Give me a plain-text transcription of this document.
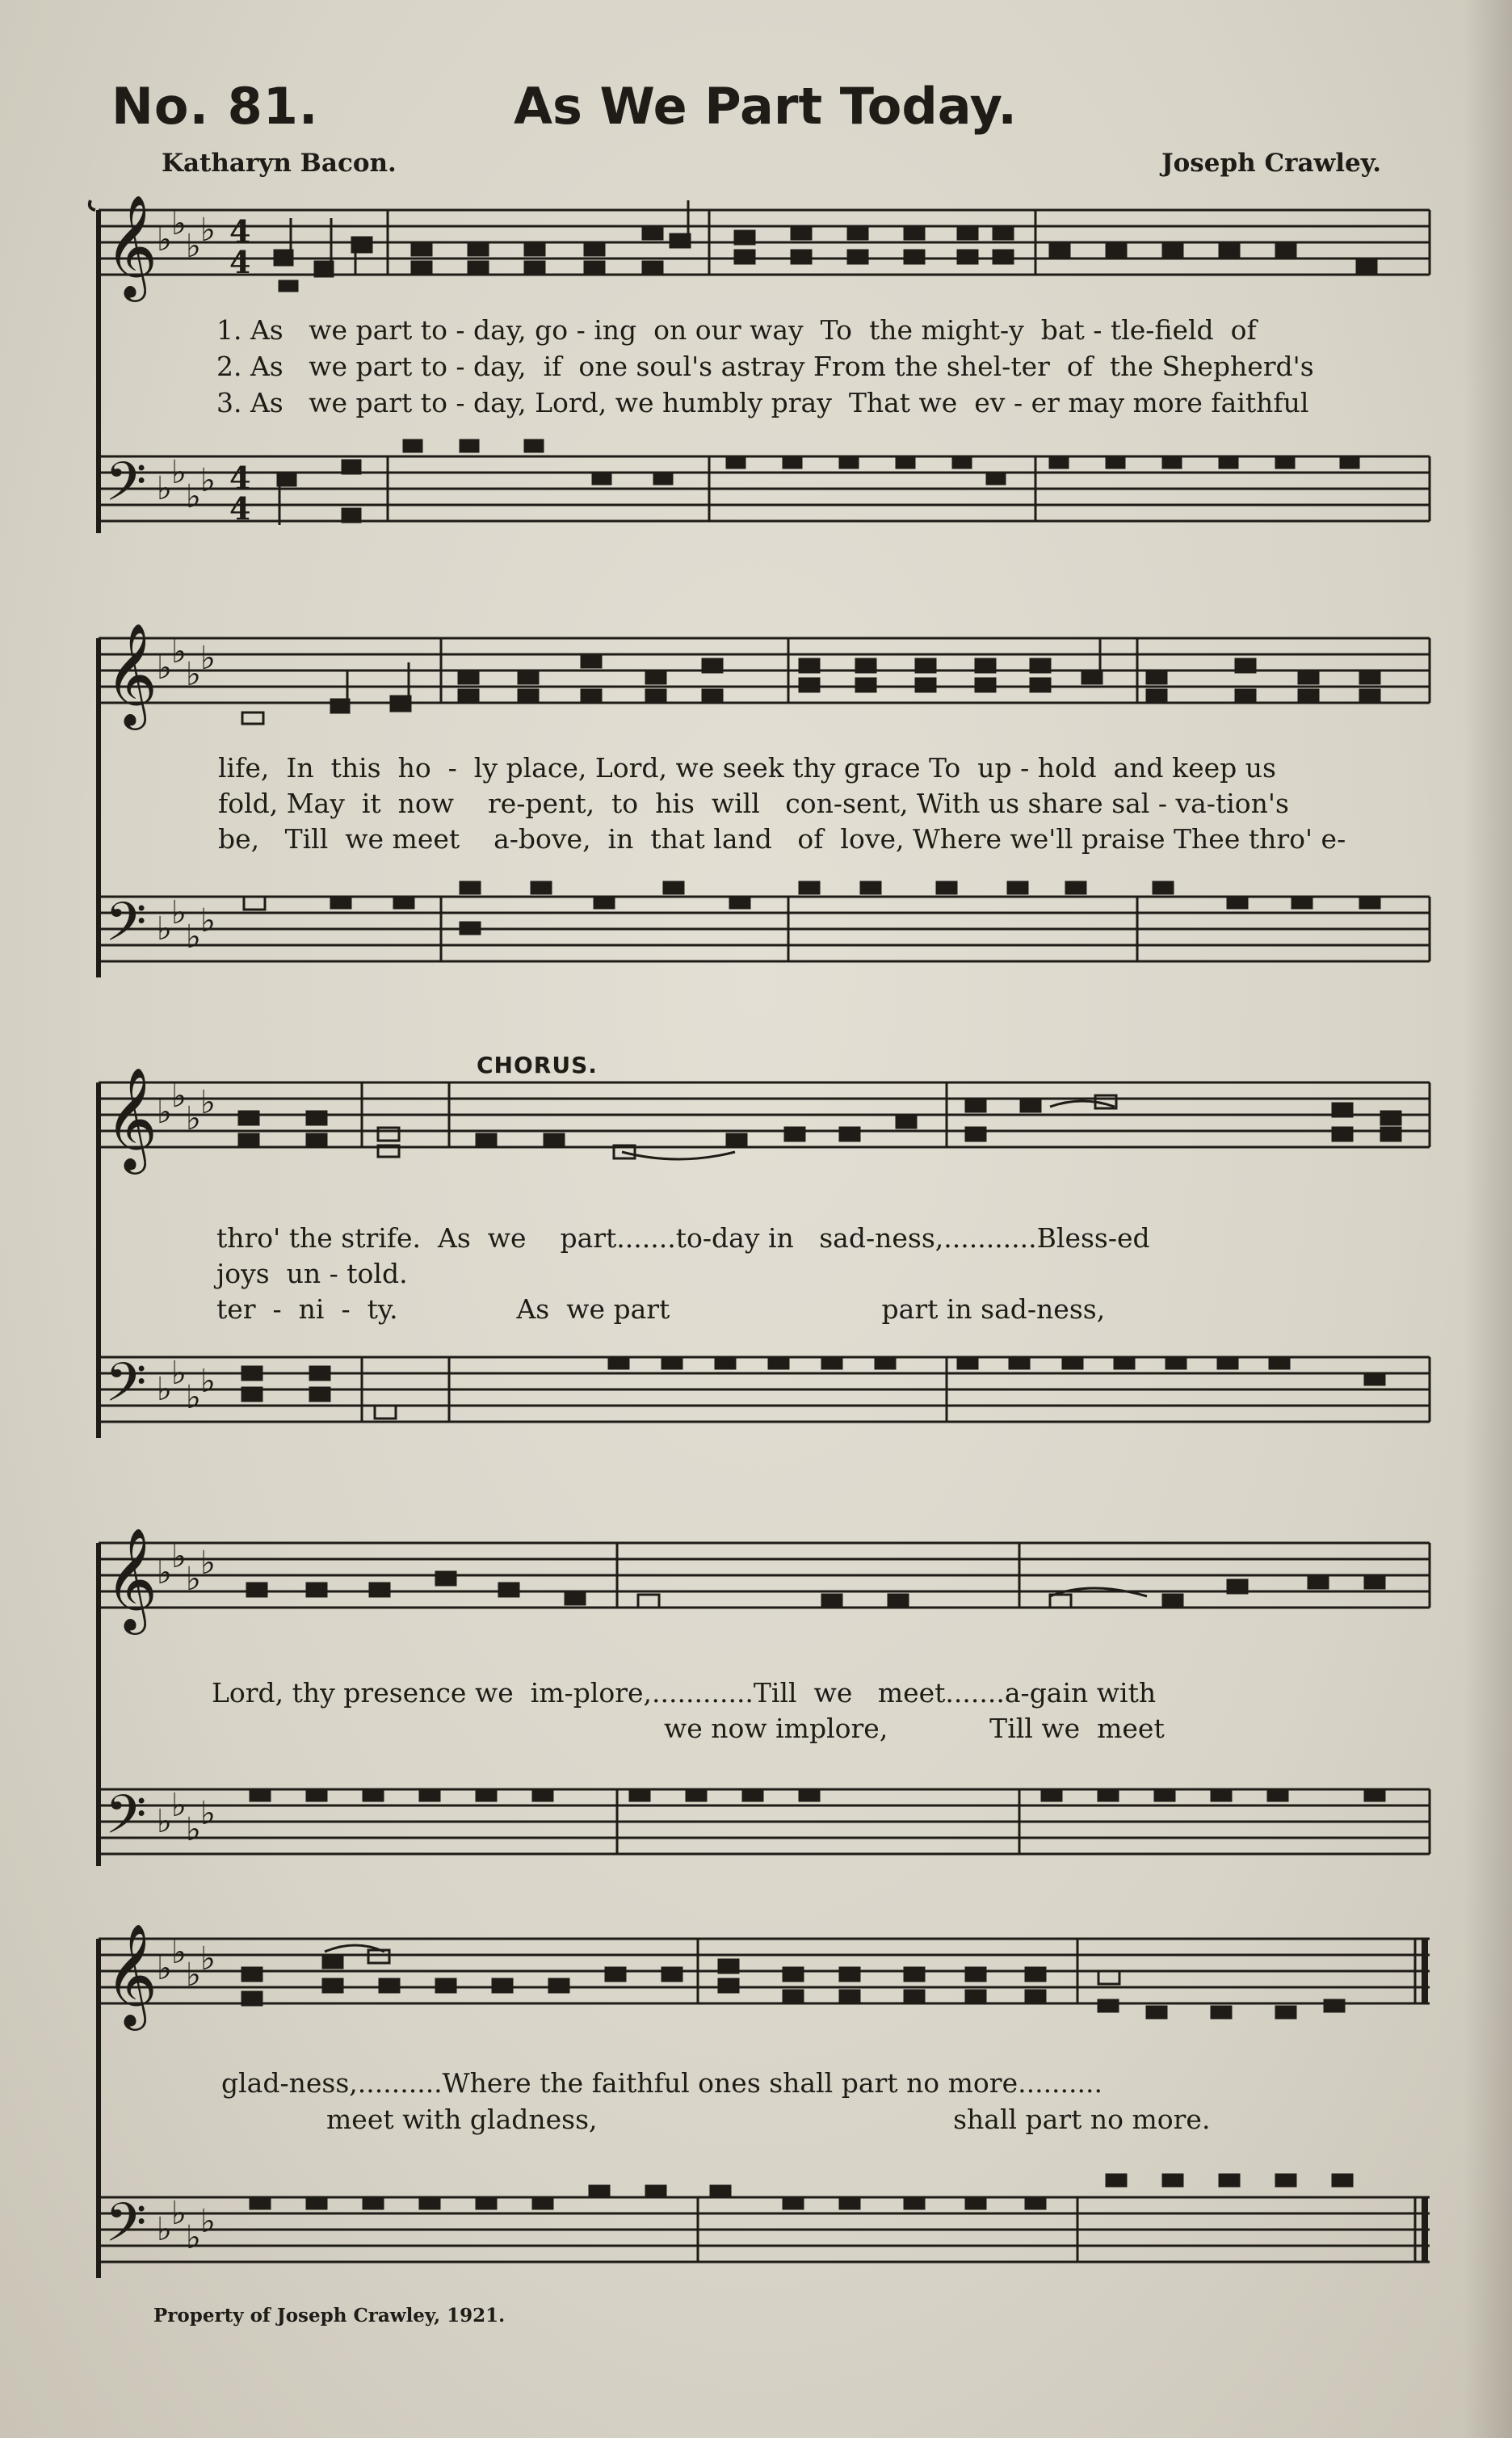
No. 81.	As We Part Today.
Katharyn Bacon.	Joseph Crawley.
𝄞
𝄢
♭ ♭
♭ ♭
♭ ♭
♭ ♭
4
4
4
4
1. As   we part to - day, go - ing  on our way  To  the might-y  bat - tle-field  of
2. As   we part to - day,  if  one soul's astray From the shel-ter  of  the Shepherd's
3. As   we part to - day, Lord, we humbly pray  That we  ev - er may more faithful
𝄞
𝄢
♭ ♭
♭ ♭
♭ ♭
♭ ♭
life,  In  this  ho  -  ly place, Lord, we seek thy grace To  up - hold  and keep us
fold, May  it  now    re-pent,  to  his  will   con-sent, With us share sal - va-tion's
be,   Till  we meet    a-bove,  in  that land   of  love, Where we'll praise Thee thro' e-
CHORUS.
𝄞
𝄢
♭ ♭
♭ ♭
♭ ♭
♭ ♭
thro' the strife.  As  we    part.......to-day in   sad-ness,...........Bless-ed
joys  un - told.
ter  -  ni  -  ty.              As  we part                         part in sad-ness,
𝄞
𝄢
♭ ♭
♭ ♭
♭ ♭
♭ ♭
Lord, thy presence we  im-plore,............Till  we   meet.......a-gain with
we now implore,            Till we  meet
𝄞
𝄢
♭ ♭
♭ ♭
♭ ♭
♭ ♭
glad-ness,..........Where the faithful ones shall part no more..........
meet with gladness,                                          shall part no more.
Property of Joseph Crawley, 1921.
